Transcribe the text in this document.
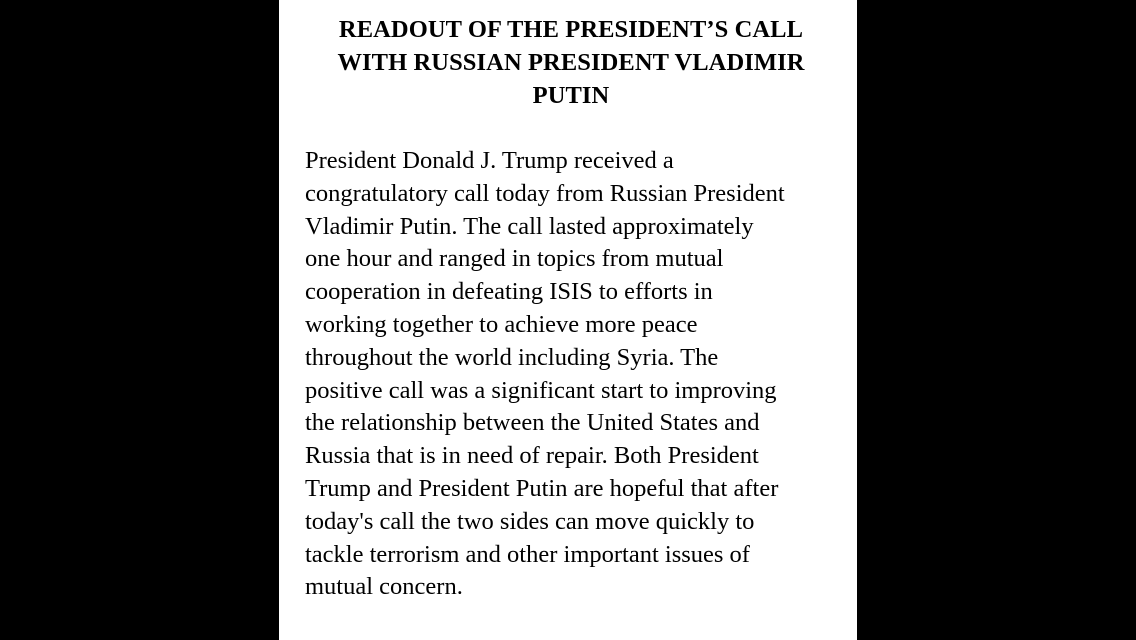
READOUT OF THE PRESIDENT’S CALL
WITH RUSSIAN PRESIDENT VLADIMIR
PUTIN

President Donald J. Trump received a
congratulatory call today from Russian President
Vladimir Putin. The call lasted approximately
one hour and ranged in topics from mutual
cooperation in defeating ISIS to efforts in
working together to achieve more peace
throughout the world including Syria. The
positive call was a significant start to improving
the relationship between the United States and
Russia that is in need of repair. Both President
Trump and President Putin are hopeful that after
today's call the two sides can move quickly to
tackle terrorism and other important issues of
mutual concern.
